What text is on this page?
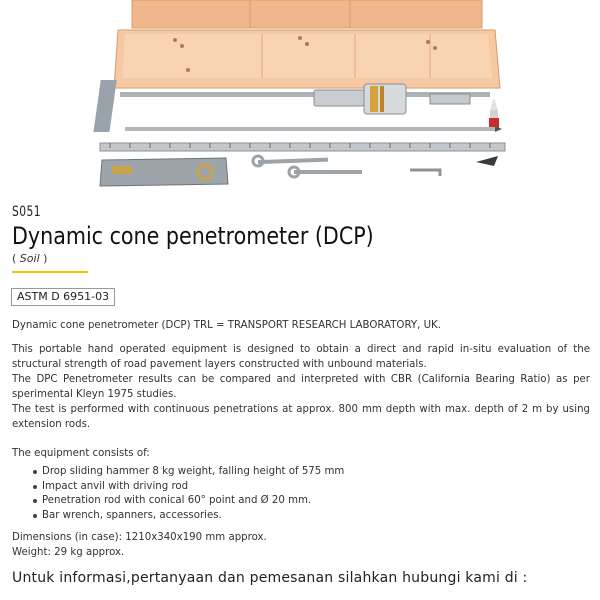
S051
Dynamic cone penetrometer (DCP)
( Soil )
ASTM D 6951-03

Dynamic cone penetrometer (DCP) TRL = TRANSPORT RESEARCH LABORATORY, UK.

This portable hand operated equipment is designed to obtain a direct and rapid in-situ evaluation of the structural strength of road pavement layers constructed with unbound materials.

The DPC Penetrometer results can be compared and interpreted with CBR (California Bearing Ratio) as per sperimental Kleyn 1975 studies.

The test is performed with continuous penetrations at approx. 800 mm depth with max. depth of 2 m by using extension rods.

The equipment consists of:

Drop sliding hammer 8 kg weight, falling height of 575 mm
Impact anvil with driving rod
Penetration rod with conical 60° point and Ø 20 mm.
Bar wrench, spanners, accessories.

Dimensions (in case): 1210x340x190 mm approx.

Weight: 29 kg approx.

Untuk informasi,pertanyaan dan pemesanan silahkan hubungi kami di :
